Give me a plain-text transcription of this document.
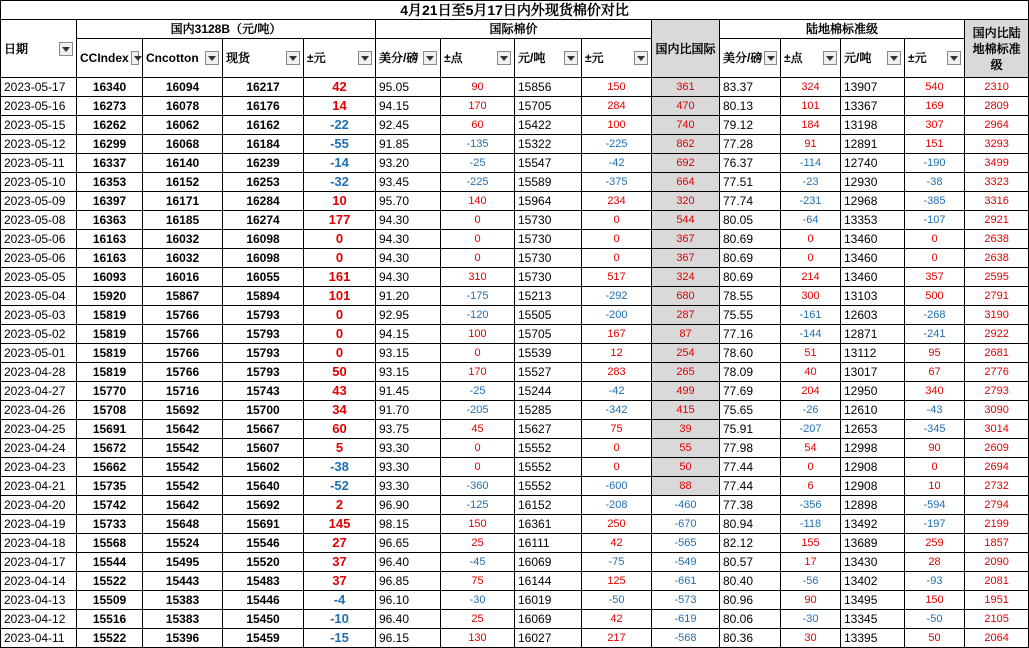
4月21日至5月17日内外现货棉价对比														

日期	国内3128B（元/吨）				国际棉价				国内比国际	陆地棉标准级				国内比陆地棉标准级

	CCIndex	Cncotton	现货	±元	美分/磅	±点	元/吨	±元		美分/磅	±点	元/吨	±元	

2023-05-17	16340	16094	16217	42	95.05	90	15856	150	361	83.37	324	13907	540	2310
2023-05-16	16273	16078	16176	14	94.15	170	15705	284	470	80.13	101	13367	169	2809
2023-05-15	16262	16062	16162	-22	92.45	60	15422	100	740	79.12	184	13198	307	2964
2023-05-12	16299	16068	16184	-55	91.85	-135	15322	-225	862	77.28	91	12891	151	3293
2023-05-11	16337	16140	16239	-14	93.20	-25	15547	-42	692	76.37	-114	12740	-190	3499
2023-05-10	16353	16152	16253	-32	93.45	-225	15589	-375	664	77.51	-23	12930	-38	3323
2023-05-09	16397	16171	16284	10	95.70	140	15964	234	320	77.74	-231	12968	-385	3316
2023-05-08	16363	16185	16274	177	94.30	0	15730	0	544	80.05	-64	13353	-107	2921
2023-05-06	16163	16032	16098	0	94.30	0	15730	0	367	80.69	0	13460	0	2638
2023-05-06	16163	16032	16098	0	94.30	0	15730	0	367	80.69	0	13460	0	2638
2023-05-05	16093	16016	16055	161	94.30	310	15730	517	324	80.69	214	13460	357	2595
2023-05-04	15920	15867	15894	101	91.20	-175	15213	-292	680	78.55	300	13103	500	2791
2023-05-03	15819	15766	15793	0	92.95	-120	15505	-200	287	75.55	-161	12603	-268	3190
2023-05-02	15819	15766	15793	0	94.15	100	15705	167	87	77.16	-144	12871	-241	2922
2023-05-01	15819	15766	15793	0	93.15	0	15539	12	254	78.60	51	13112	95	2681
2023-04-28	15819	15766	15793	50	93.15	170	15527	283	265	78.09	40	13017	67	2776
2023-04-27	15770	15716	15743	43	91.45	-25	15244	-42	499	77.69	204	12950	340	2793
2023-04-26	15708	15692	15700	34	91.70	-205	15285	-342	415	75.65	-26	12610	-43	3090
2023-04-25	15691	15642	15667	60	93.75	45	15627	75	39	75.91	-207	12653	-345	3014
2023-04-24	15672	15542	15607	5	93.30	0	15552	0	55	77.98	54	12998	90	2609
2023-04-23	15662	15542	15602	-38	93.30	0	15552	0	50	77.44	0	12908	0	2694
2023-04-21	15735	15542	15640	-52	93.30	-360	15552	-600	88	77.44	6	12908	10	2732
2023-04-20	15742	15642	15692	2	96.90	-125	16152	-208	-460	77.38	-356	12898	-594	2794
2023-04-19	15733	15648	15691	145	98.15	150	16361	250	-670	80.94	-118	13492	-197	2199
2023-04-18	15568	15524	15546	27	96.65	25	16111	42	-565	82.12	155	13689	259	1857
2023-04-17	15544	15495	15520	37	96.40	-45	16069	-75	-549	80.57	17	13430	28	2090
2023-04-14	15522	15443	15483	37	96.85	75	16144	125	-661	80.40	-56	13402	-93	2081
2023-04-13	15509	15383	15446	-4	96.10	-30	16019	-50	-573	80.96	90	13495	150	1951
2023-04-12	15516	15383	15450	-10	96.40	25	16069	42	-619	80.06	-30	13345	-50	2105
2023-04-11	15522	15396	15459	-15	96.15	130	16027	217	-568	80.36	30	13395	50	2064
